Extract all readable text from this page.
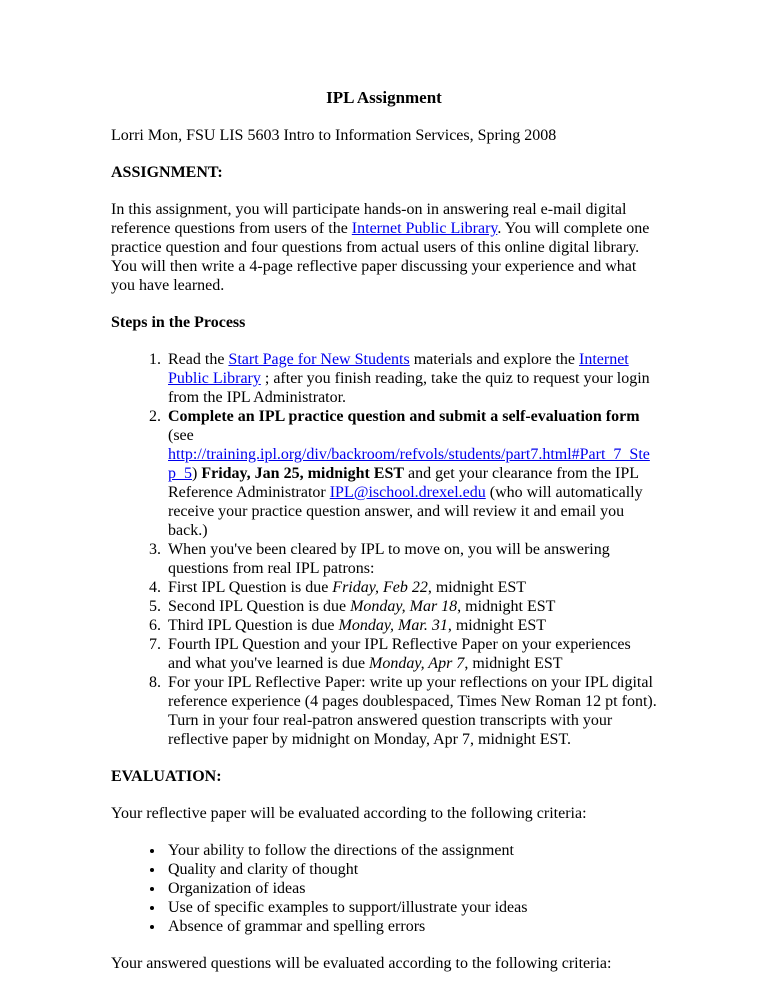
IPL Assignment

Lorri Mon, FSU LIS 5603 Intro to Information Services, Spring 2008

ASSIGNMENT:

In this assignment, you will participate hands-on in answering real e-mail digital reference questions from users of the Internet Public Library. You will complete one practice question and four questions from actual users of this online digital library. You will then write a 4-page reflective paper discussing your experience and what you have learned.

Steps in the Process

1. Read the Start Page for New Students materials and explore the Internet Public Library ; after you finish reading, take the quiz to request your login from the IPL Administrator.
2. Complete an IPL practice question and submit a self-evaluation form (see http://training.ipl.org/div/backroom/refvols/students/part7.html#Part_7_Step_5) Friday, Jan 25, midnight EST and get your clearance from the IPL Reference Administrator IPL@ischool.drexel.edu (who will automatically receive your practice question answer, and will review it and email you back.)
3. When you've been cleared by IPL to move on, you will be answering questions from real IPL patrons:
4. First IPL Question is due Friday, Feb 22, midnight EST
5. Second IPL Question is due Monday, Mar 18, midnight EST
6. Third IPL Question is due Monday, Mar. 31, midnight EST
7. Fourth IPL Question and your IPL Reflective Paper on your experiences and what you've learned is due Monday, Apr 7, midnight EST
8. For your IPL Reflective Paper: write up your reflections on your IPL digital reference experience (4 pages doublespaced, Times New Roman 12 pt font). Turn in your four real-patron answered question transcripts with your reflective paper by midnight on Monday, Apr 7, midnight EST.

EVALUATION:

Your reflective paper will be evaluated according to the following criteria:

• Your ability to follow the directions of the assignment
• Quality and clarity of thought
• Organization of ideas
• Use of specific examples to support/illustrate your ideas
• Absence of grammar and spelling errors

Your answered questions will be evaluated according to the following criteria:
